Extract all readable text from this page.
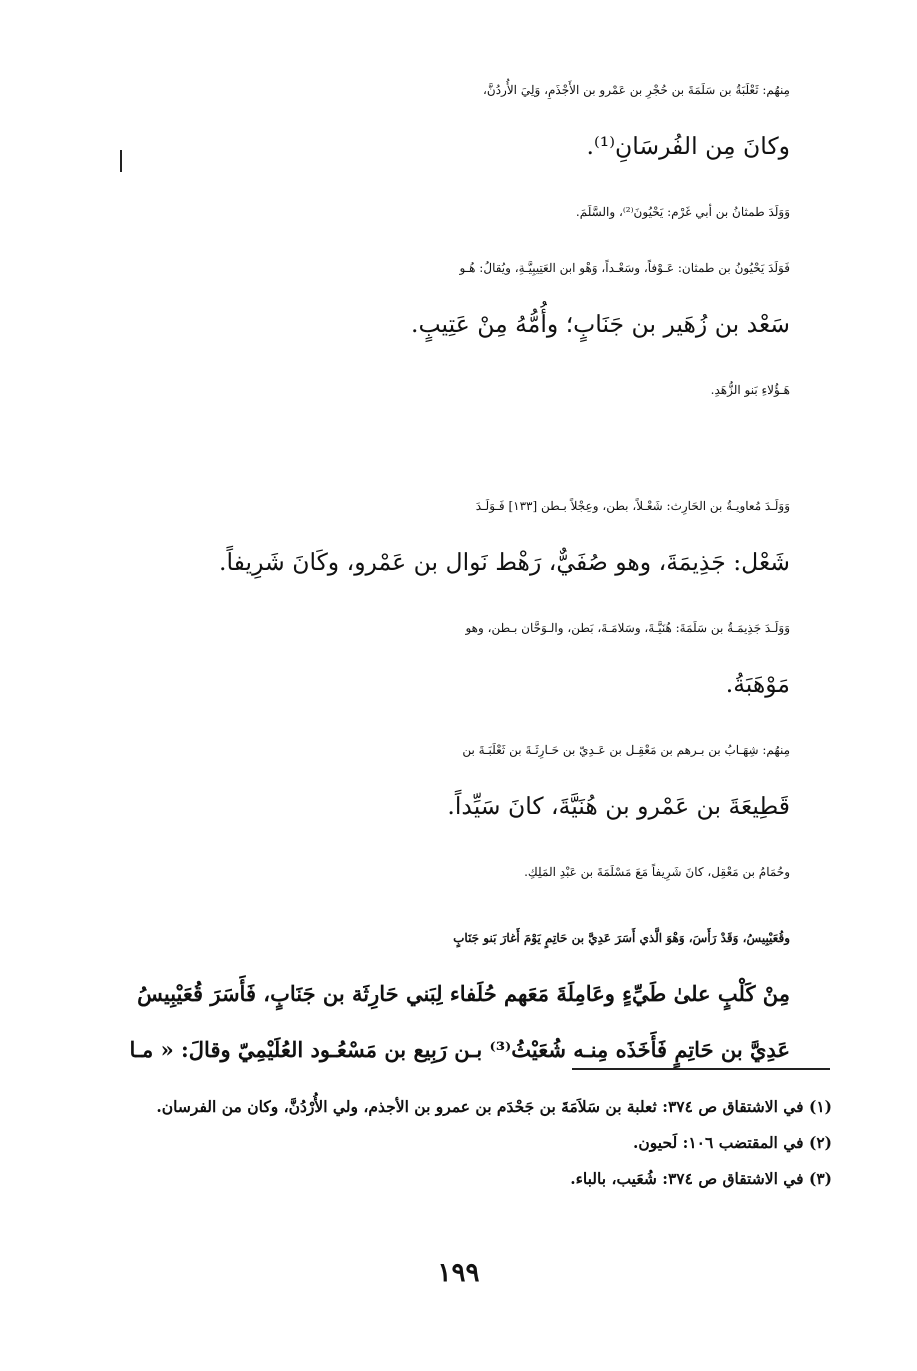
مِنهُم: ثَعْلَبَةُ بن سَلَمَةَ بن حُجْرِ بن عَمْرو بن الأَجْذَمِ، وَلِيَ الأُردُنَّ،
وكانَ مِن الفُرسَانِ⁽¹⁾.
وَوَلَدَ طمثانُ بن أبي غَرْم: يَحْيُونَ⁽²⁾، والسَّلَمَ.
فَوَلَدَ يَحْيُونُ بن طمثان: عَـوْفاً، وسَعْـداً، وَهْو ابن العَتِيبِيَّـةِ، ويُقالُ: هُـو
سَعْد بن زُهَير بن جَنَابٍ؛ وأُمُّهُ مِنْ عَتِيبٍ.
هَـؤُلاءِ بَنو الزُّهَدِ.
وَوَلَـدَ مُعاويـةُ بن الحَارِث: شَعْـلاً، بطن، وعِجْلاً بـطن [١٣٣] فَـوَلَـدَ
شَعْل: جَذِيمَةَ، وهو صُفَيٌّ، رَهْط نَوال بن عَمْرو، وكَانَ شَرِيفاً.
وَوَلَـدَ جَذِيمَـةُ بن سَلَمَةَ: هُنَيَّـةَ، وسَلامَـةَ، بَطن، والـوَحَّان بـطن، وهو
مَوْهَبَةُ.
مِنهُم: شِهَـابُ بن بـرهم بن مَعْقِـل بن عَـدِيّ بن حَـارِثَـةَ بن ثَعْلَبَـةَ بن
قَطِيعَةَ بن عَمْرو بن هُنَيَّةَ، كانَ سَيِّداً.
وحُمَامُ بن مَعْقِل، كانَ شَرِيفاً مَعَ مَسْلَمَةَ بن عَبْدِ المَلِكِ.
وقُعَيْبِيسُ، وَقَدْ رَأَسَ، وَهْوَ الَّذي أَسَرَ عَدِيَّ بن حَاتِمٍ يَوْمَ أَغارَ بَنو جَنَابٍ
مِنْ كَلْبٍ علىٰ طَيِّءٍ وعَامِلَةَ مَعَهم حُلَفاء لِبَني حَارِثَة بن جَنَابٍ، فَأَسَرَ قُعَيْبِيسُ
عَدِيَّ بن حَاتِمٍ فَأَخَذَه مِنـه شُعَيْثُ⁽³⁾ بـن رَبِيع بن مَسْعُـود العُلَيْمِيّ وقالَ: « مـا

(١) في الاشتقاق ص ٣٧٤: ثعلبة بن سَلاَمَةَ بن جَحْدَم بن عمرو بن الأجذم، ولي الأُرْدُنَّ، وكان من الفرسان.

(٢) في المقتضب ١٠٦: لَحيون.

(٣) في الاشتقاق ص ٣٧٤: شُعَيب، بالباء.

١٩٩
